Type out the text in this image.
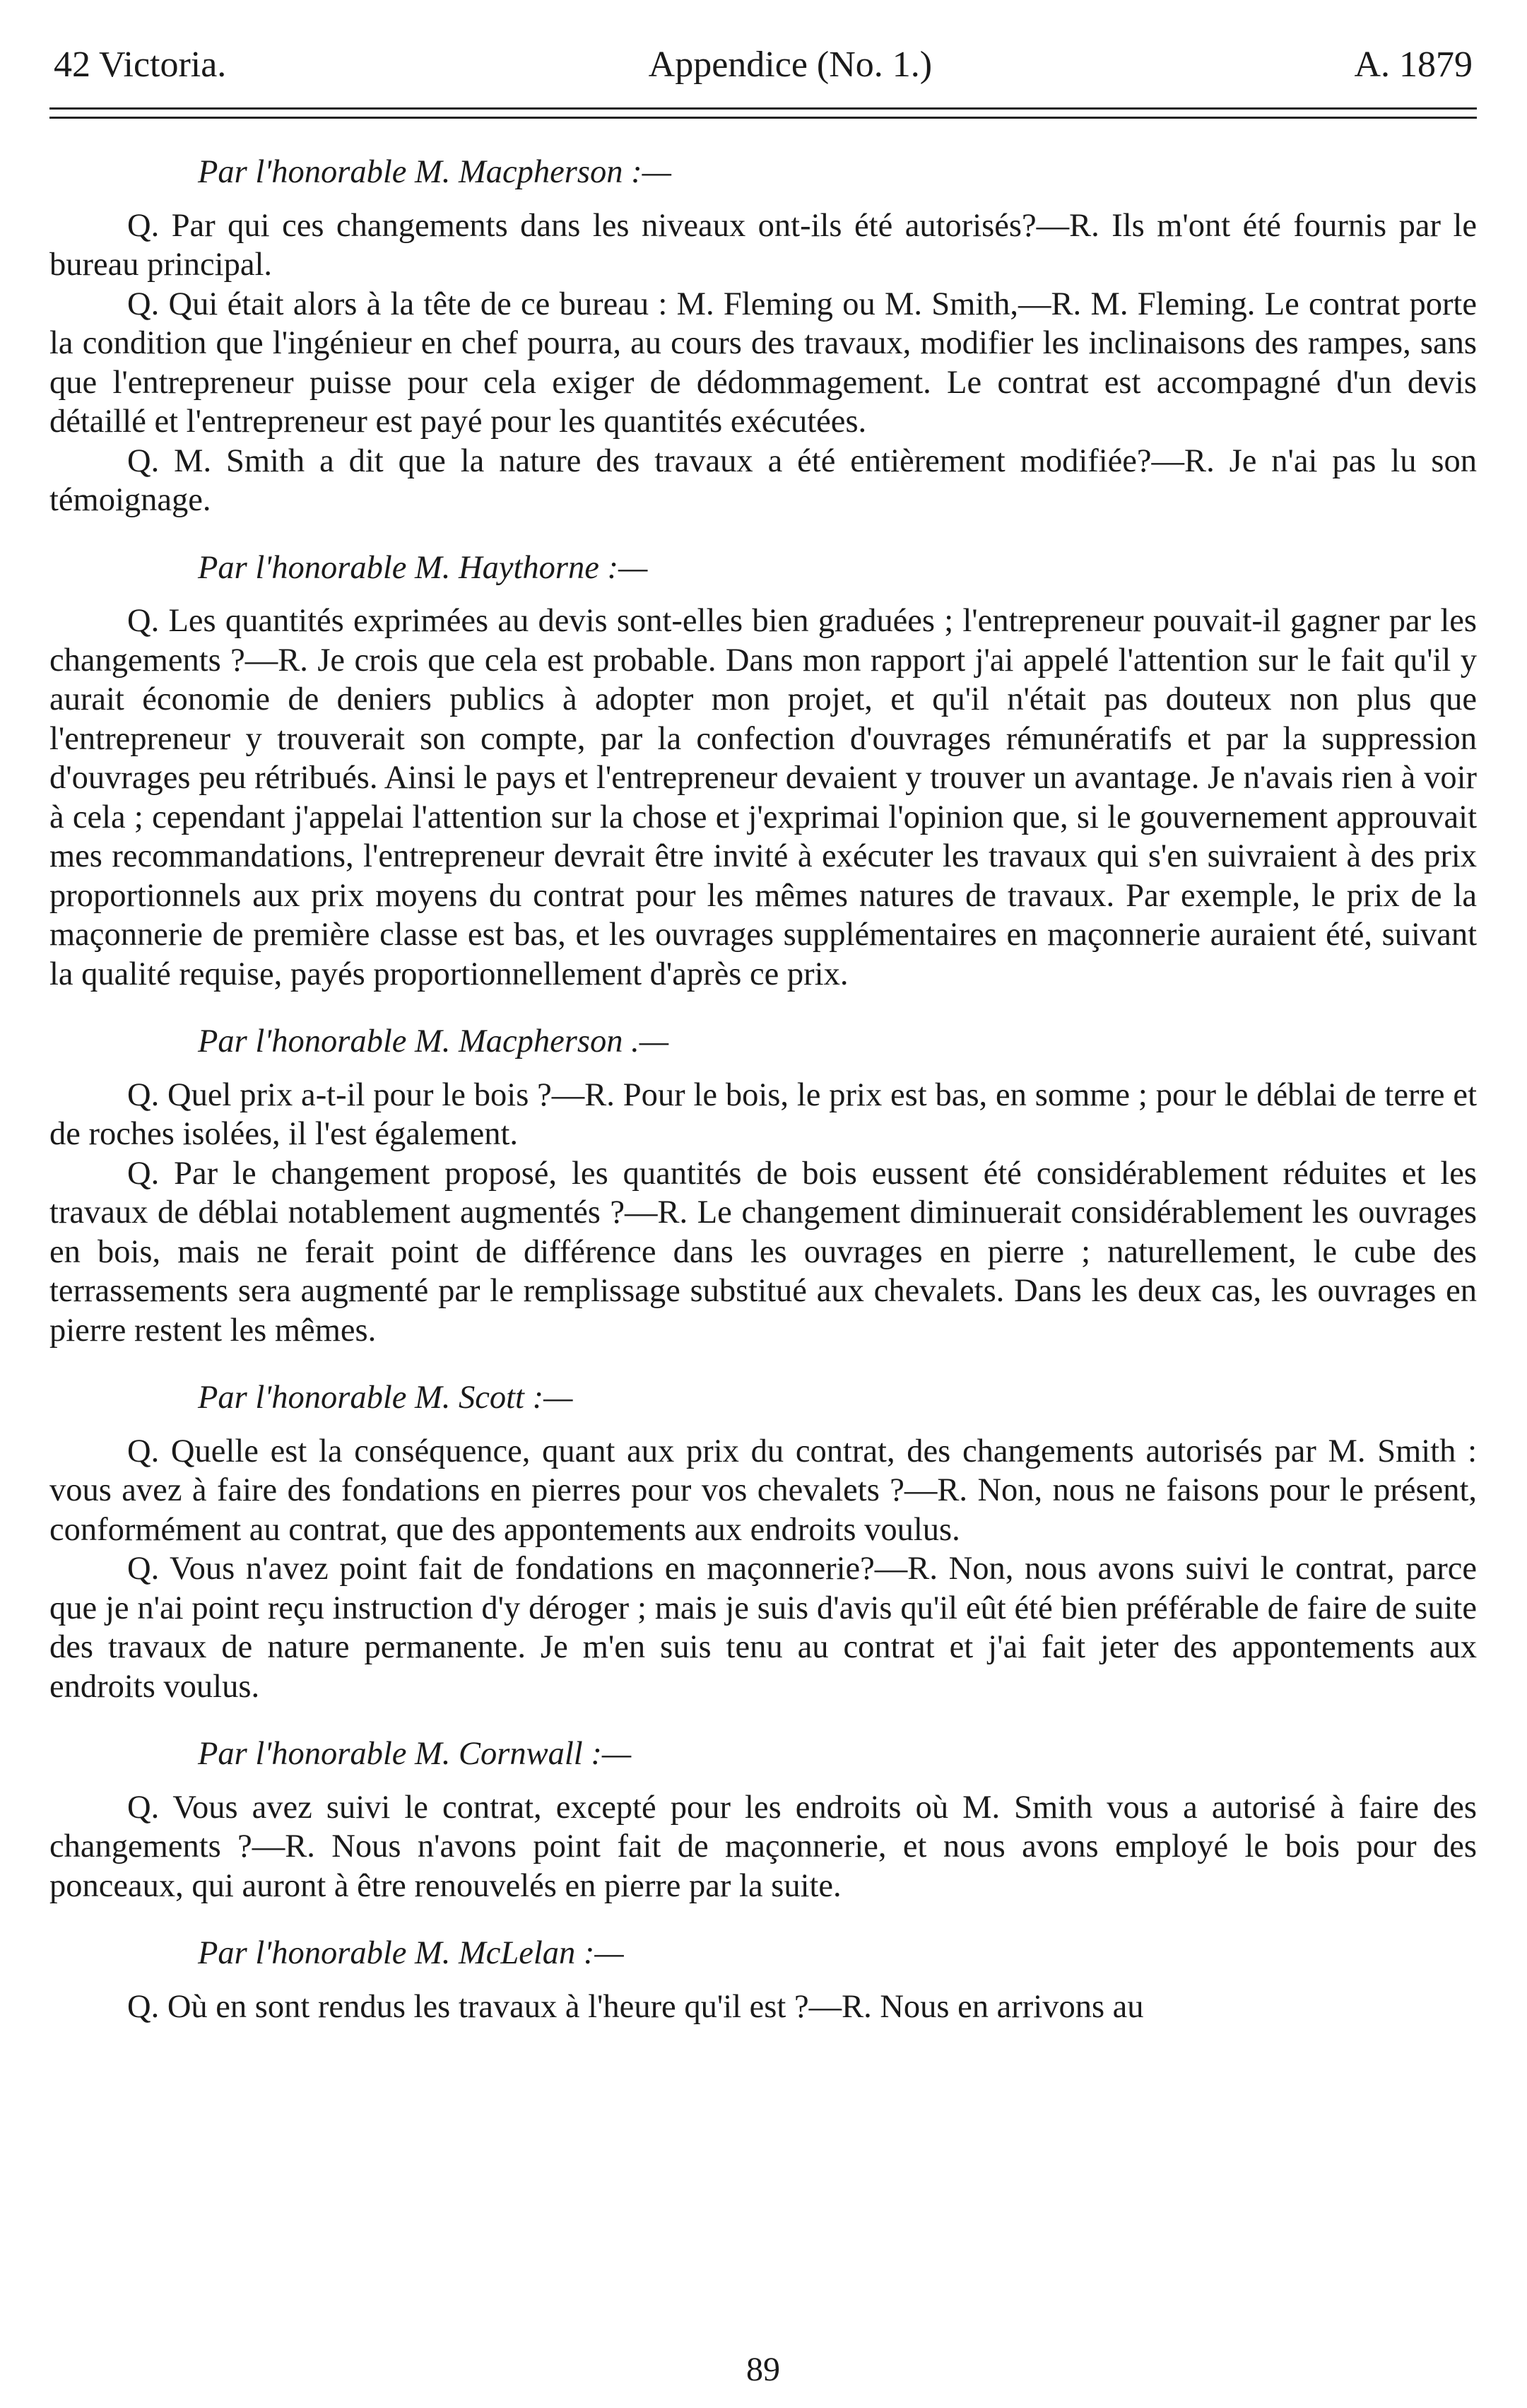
42 Victoria.	Appendice (No. 1.)	A. 1879
Par l'honorable M. Macpherson :—

Q. Par qui ces changements dans les niveaux ont-ils été autorisés?—R. Ils m'ont été fournis par le bureau principal.

Q. Qui était alors à la tête de ce bureau : M. Fleming ou M. Smith,—R. M. Fleming. Le contrat porte la condition que l'ingénieur en chef pourra, au cours des travaux, modifier les inclinaisons des rampes, sans que l'entrepreneur puisse pour cela exiger de dédommagement. Le contrat est accompagné d'un devis détaillé et l'entrepreneur est payé pour les quantités exécutées.

Q. M. Smith a dit que la nature des travaux a été entièrement modifiée?—R. Je n'ai pas lu son témoignage.

Par l'honorable M. Haythorne :—

Q. Les quantités exprimées au devis sont-elles bien graduées ; l'entrepreneur pouvait-il gagner par les changements ?—R. Je crois que cela est probable. Dans mon rapport j'ai appelé l'attention sur le fait qu'il y aurait économie de deniers publics à adopter mon projet, et qu'il n'était pas douteux non plus que l'entrepreneur y trouverait son compte, par la confection d'ouvrages rémunératifs et par la suppression d'ouvrages peu rétribués. Ainsi le pays et l'entrepreneur devaient y trouver un avantage. Je n'avais rien à voir à cela ; cependant j'appelai l'attention sur la chose et j'exprimai l'opinion que, si le gouvernement approuvait mes recommandations, l'entrepreneur devrait être invité à exécuter les travaux qui s'en suivraient à des prix proportionnels aux prix moyens du contrat pour les mêmes natures de travaux. Par exemple, le prix de la maçonnerie de première classe est bas, et les ouvrages supplémentaires en maçonnerie auraient été, suivant la qualité requise, payés proportionnellement d'après ce prix.

Par l'honorable M. Macpherson .—

Q. Quel prix a-t-il pour le bois ?—R. Pour le bois, le prix est bas, en somme ; pour le déblai de terre et de roches isolées, il l'est également.

Q. Par le changement proposé, les quantités de bois eussent été considérablement réduites et les travaux de déblai notablement augmentés ?—R. Le changement diminuerait considérablement les ouvrages en bois, mais ne ferait point de différence dans les ouvrages en pierre ; naturellement, le cube des terrassements sera augmenté par le remplissage substitué aux chevalets. Dans les deux cas, les ouvrages en pierre restent les mêmes.

Par l'honorable M. Scott :—

Q. Quelle est la conséquence, quant aux prix du contrat, des changements autorisés par M. Smith : vous avez à faire des fondations en pierres pour vos chevalets ?—R. Non, nous ne faisons pour le présent, conformément au contrat, que des appontements aux endroits voulus.

Q. Vous n'avez point fait de fondations en maçonnerie?—R. Non, nous avons suivi le contrat, parce que je n'ai point reçu instruction d'y déroger ; mais je suis d'avis qu'il eût été bien préférable de faire de suite des travaux de nature permanente. Je m'en suis tenu au contrat et j'ai fait jeter des appontements aux endroits voulus.

Par l'honorable M. Cornwall :—

Q. Vous avez suivi le contrat, excepté pour les endroits où M. Smith vous a autorisé à faire des changements ?—R. Nous n'avons point fait de maçonnerie, et nous avons employé le bois pour des ponceaux, qui auront à être renouvelés en pierre par la suite.

Par l'honorable M. McLelan :—

Q. Où en sont rendus les travaux à l'heure qu'il est ?—R. Nous en arrivons au

89
